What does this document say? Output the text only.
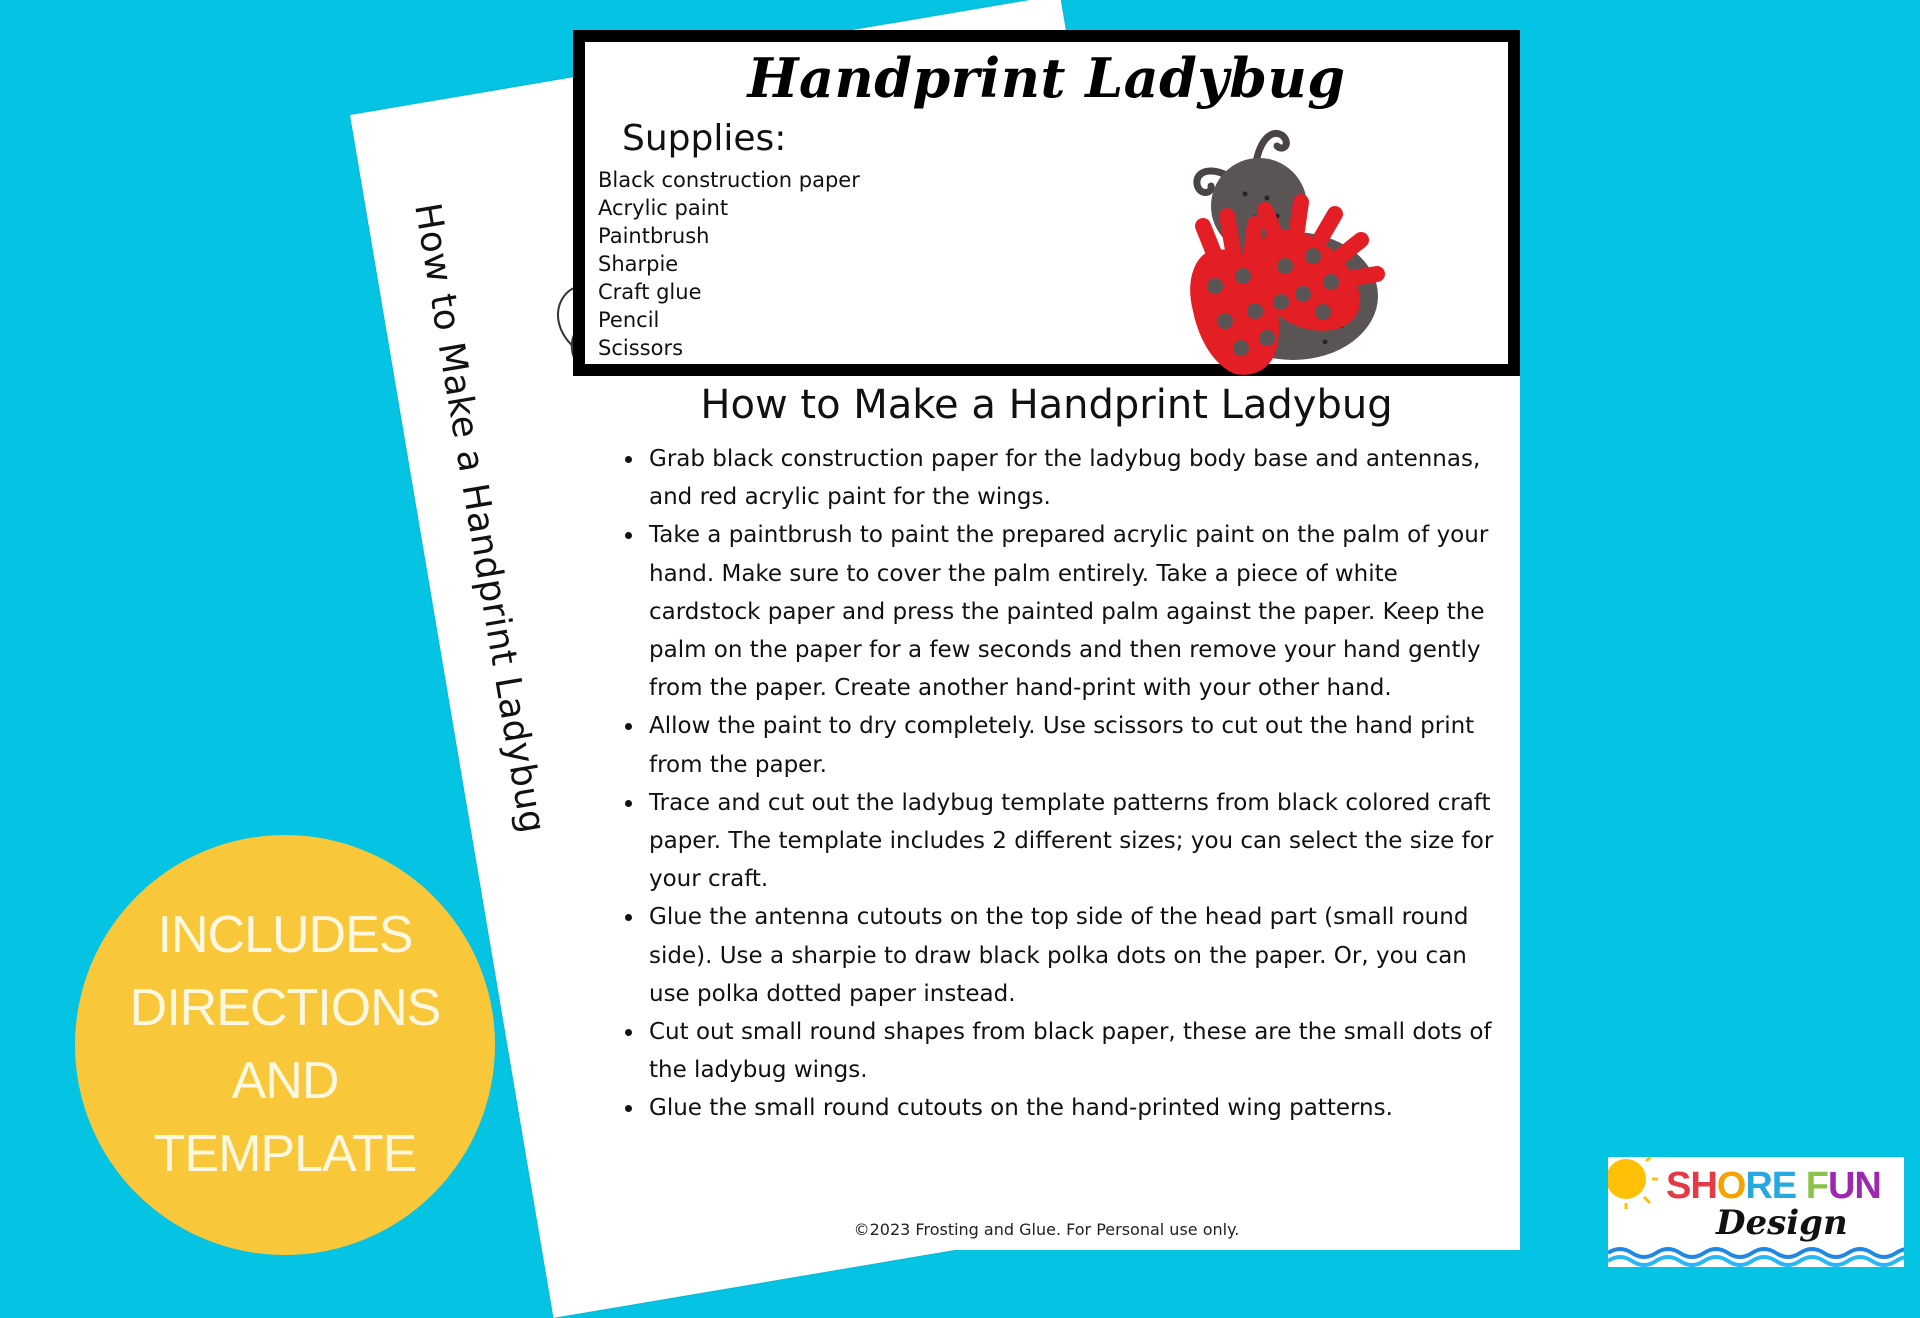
How to Make a Handprint Ladybug
Handprint Ladybug
Supplies:
Black construction paper
Acrylic paint
Paintbrush
Sharpie
Craft glue
Pencil
Scissors
How to Make a Handprint Ladybug
• Grab black construction paper for the ladybug body base and antennas, and red acrylic paint for the wings.
• Take a paintbrush to paint the prepared acrylic paint on the palm of your hand. Make sure to cover the palm entirely. Take a piece of white cardstock paper and press the painted palm against the paper. Keep the palm on the paper for a few seconds and then remove your hand gently from the paper. Create another hand-print with your other hand.
• Allow the paint to dry completely. Use scissors to cut out the hand print from the paper.
• Trace and cut out the ladybug template patterns from black colored craft paper. The template includes 2 different sizes; you can select the size for your craft.
• Glue the antenna cutouts on the top side of the head part (small round side). Use a sharpie to draw black polka dots on the paper. Or, you can use polka dotted paper instead.
• Cut out small round shapes from black paper, these are the small dots of the ladybug wings.
• Glue the small round cutouts on the hand-printed wing patterns.
©2023 Frosting and Glue. For Personal use only.
INCLUDES
DIRECTIONS
AND
TEMPLATE
SHORE FUN
Design
